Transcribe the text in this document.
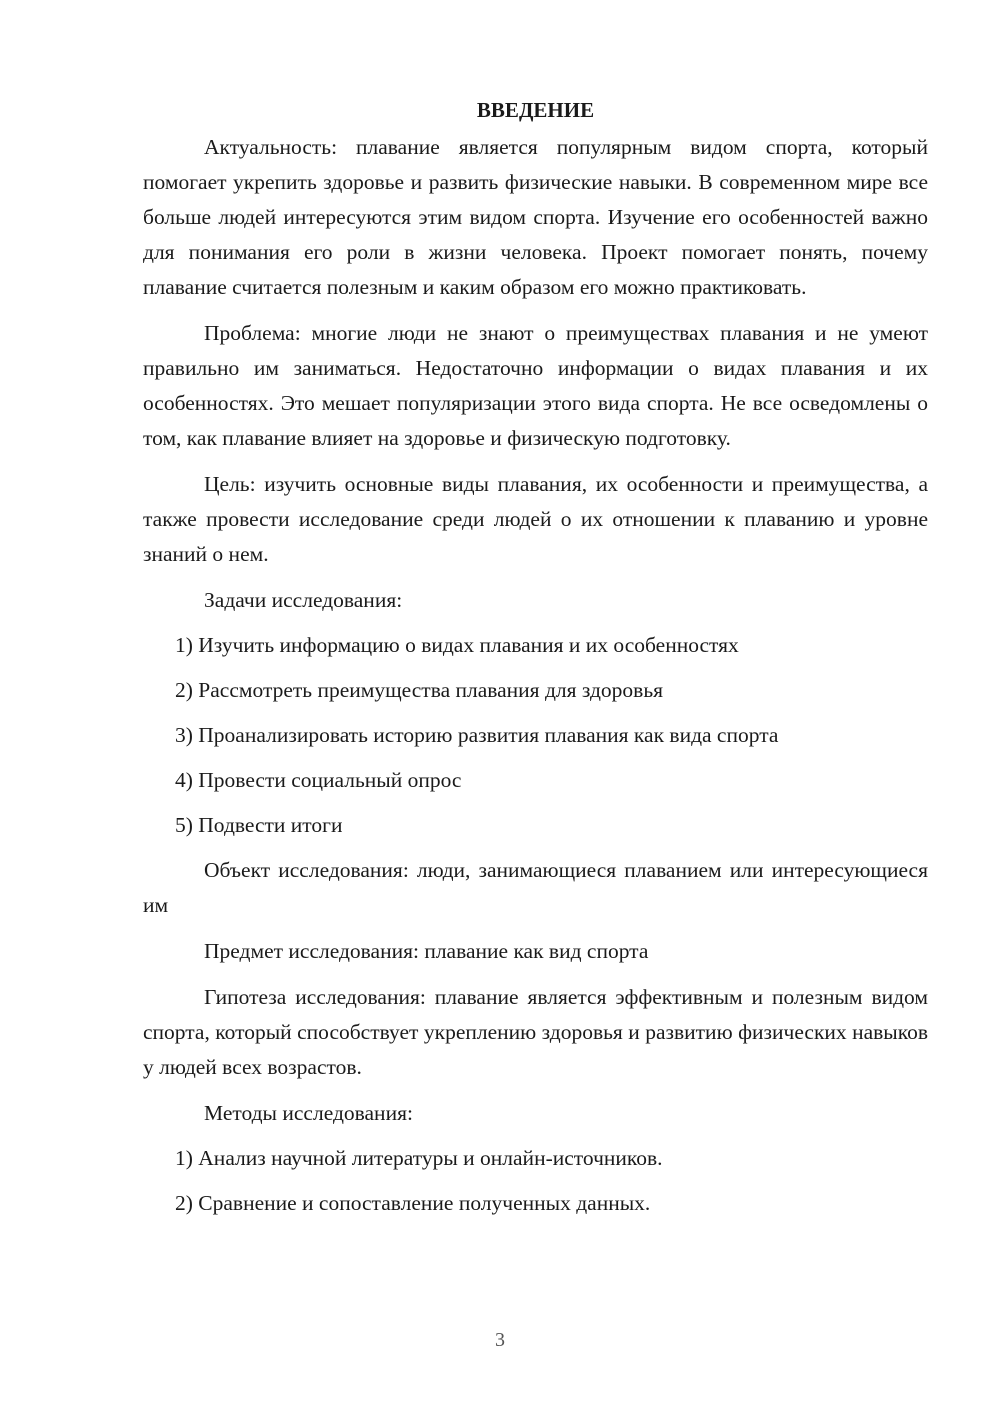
ВВЕДЕНИЕ

Актуальность: плавание является популярным видом спорта, который помогает укрепить здоровье и развить физические навыки. В современном мире все больше людей интересуются этим видом спорта. Изучение его особенностей важно для понимания его роли в жизни человека. Проект помогает понять, почему плавание считается полезным и каким образом его можно практиковать.

Проблема: многие люди не знают о преимуществах плавания и не умеют правильно им заниматься. Недостаточно информации о видах плавания и их особенностях. Это мешает популяризации этого вида спорта. Не все осведомлены о том, как плавание влияет на здоровье и физическую подготовку.

Цель: изучить основные виды плавания, их особенности и преимущества, а также провести исследование среди людей о их отношении к плаванию и уровне знаний о нем.

Задачи исследования:
1) Изучить информацию о видах плавания и их особенностях
2) Рассмотреть преимущества плавания для здоровья
3) Проанализировать историю развития плавания как вида спорта
4) Провести социальный опрос
5) Подвести итоги

Объект исследования: люди, занимающиеся плаванием или интересующиеся им

Предмет исследования: плавание как вид спорта

Гипотеза исследования: плавание является эффективным и полезным видом спорта, который способствует укреплению здоровья и развитию физических навыков у людей всех возрастов.

Методы исследования:
1) Анализ научной литературы и онлайн-источников.
2) Сравнение и сопоставление полученных данных.
3
